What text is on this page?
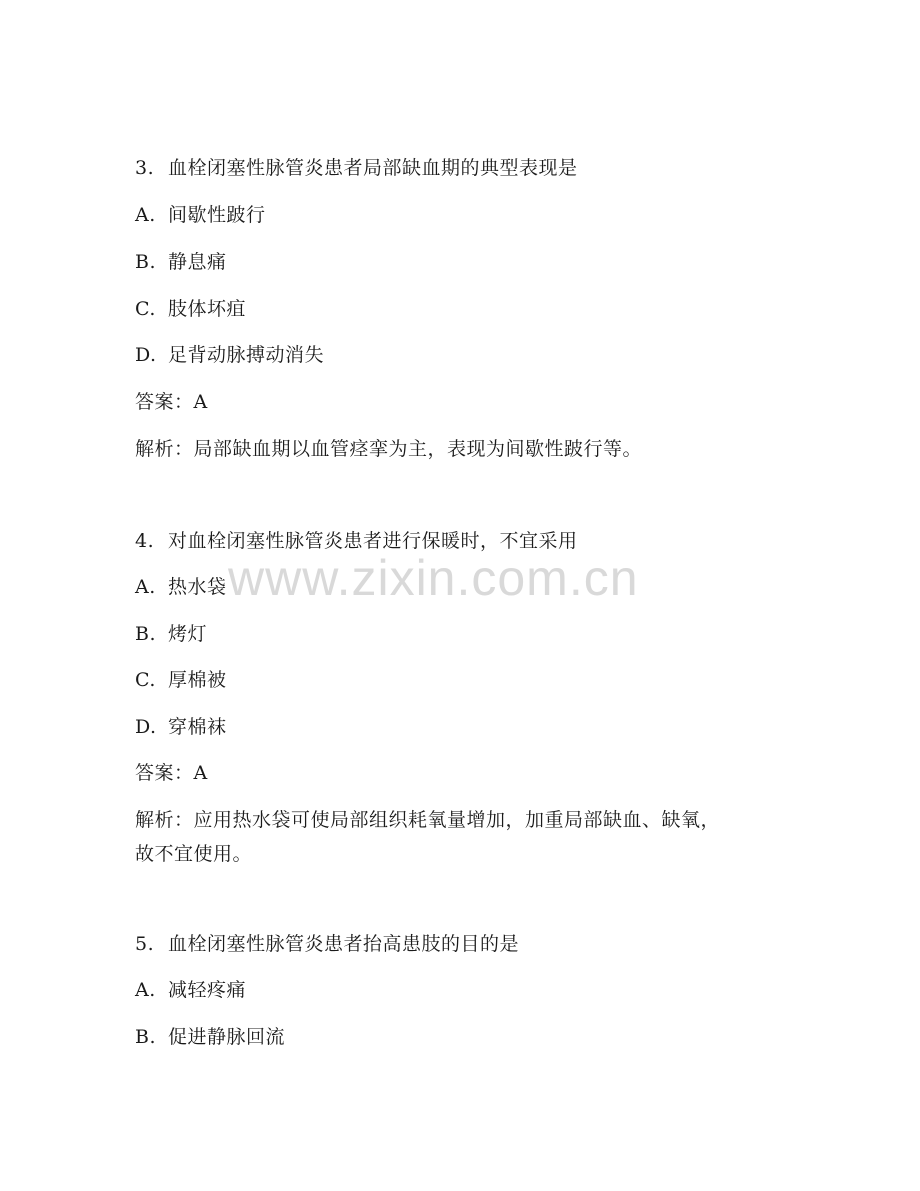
3. 血栓闭塞性脉管炎患者局部缺血期的典型表现是
A. 间歇性跛行
B. 静息痛
C. 肢体坏疽
D. 足背动脉搏动消失
答案：A
解析：局部缺血期以血管痉挛为主，表现为间歇性跛行等。
4. 对血栓闭塞性脉管炎患者进行保暖时，不宜采用
A. 热水袋
B. 烤灯
C. 厚棉被
D. 穿棉袜
答案：A
解析：应用热水袋可使局部组织耗氧量增加，加重局部缺血、缺氧，
故不宜使用。
5. 血栓闭塞性脉管炎患者抬高患肢的目的是
A. 减轻疼痛
B. 促进静脉回流
www.zixin.com.cn
